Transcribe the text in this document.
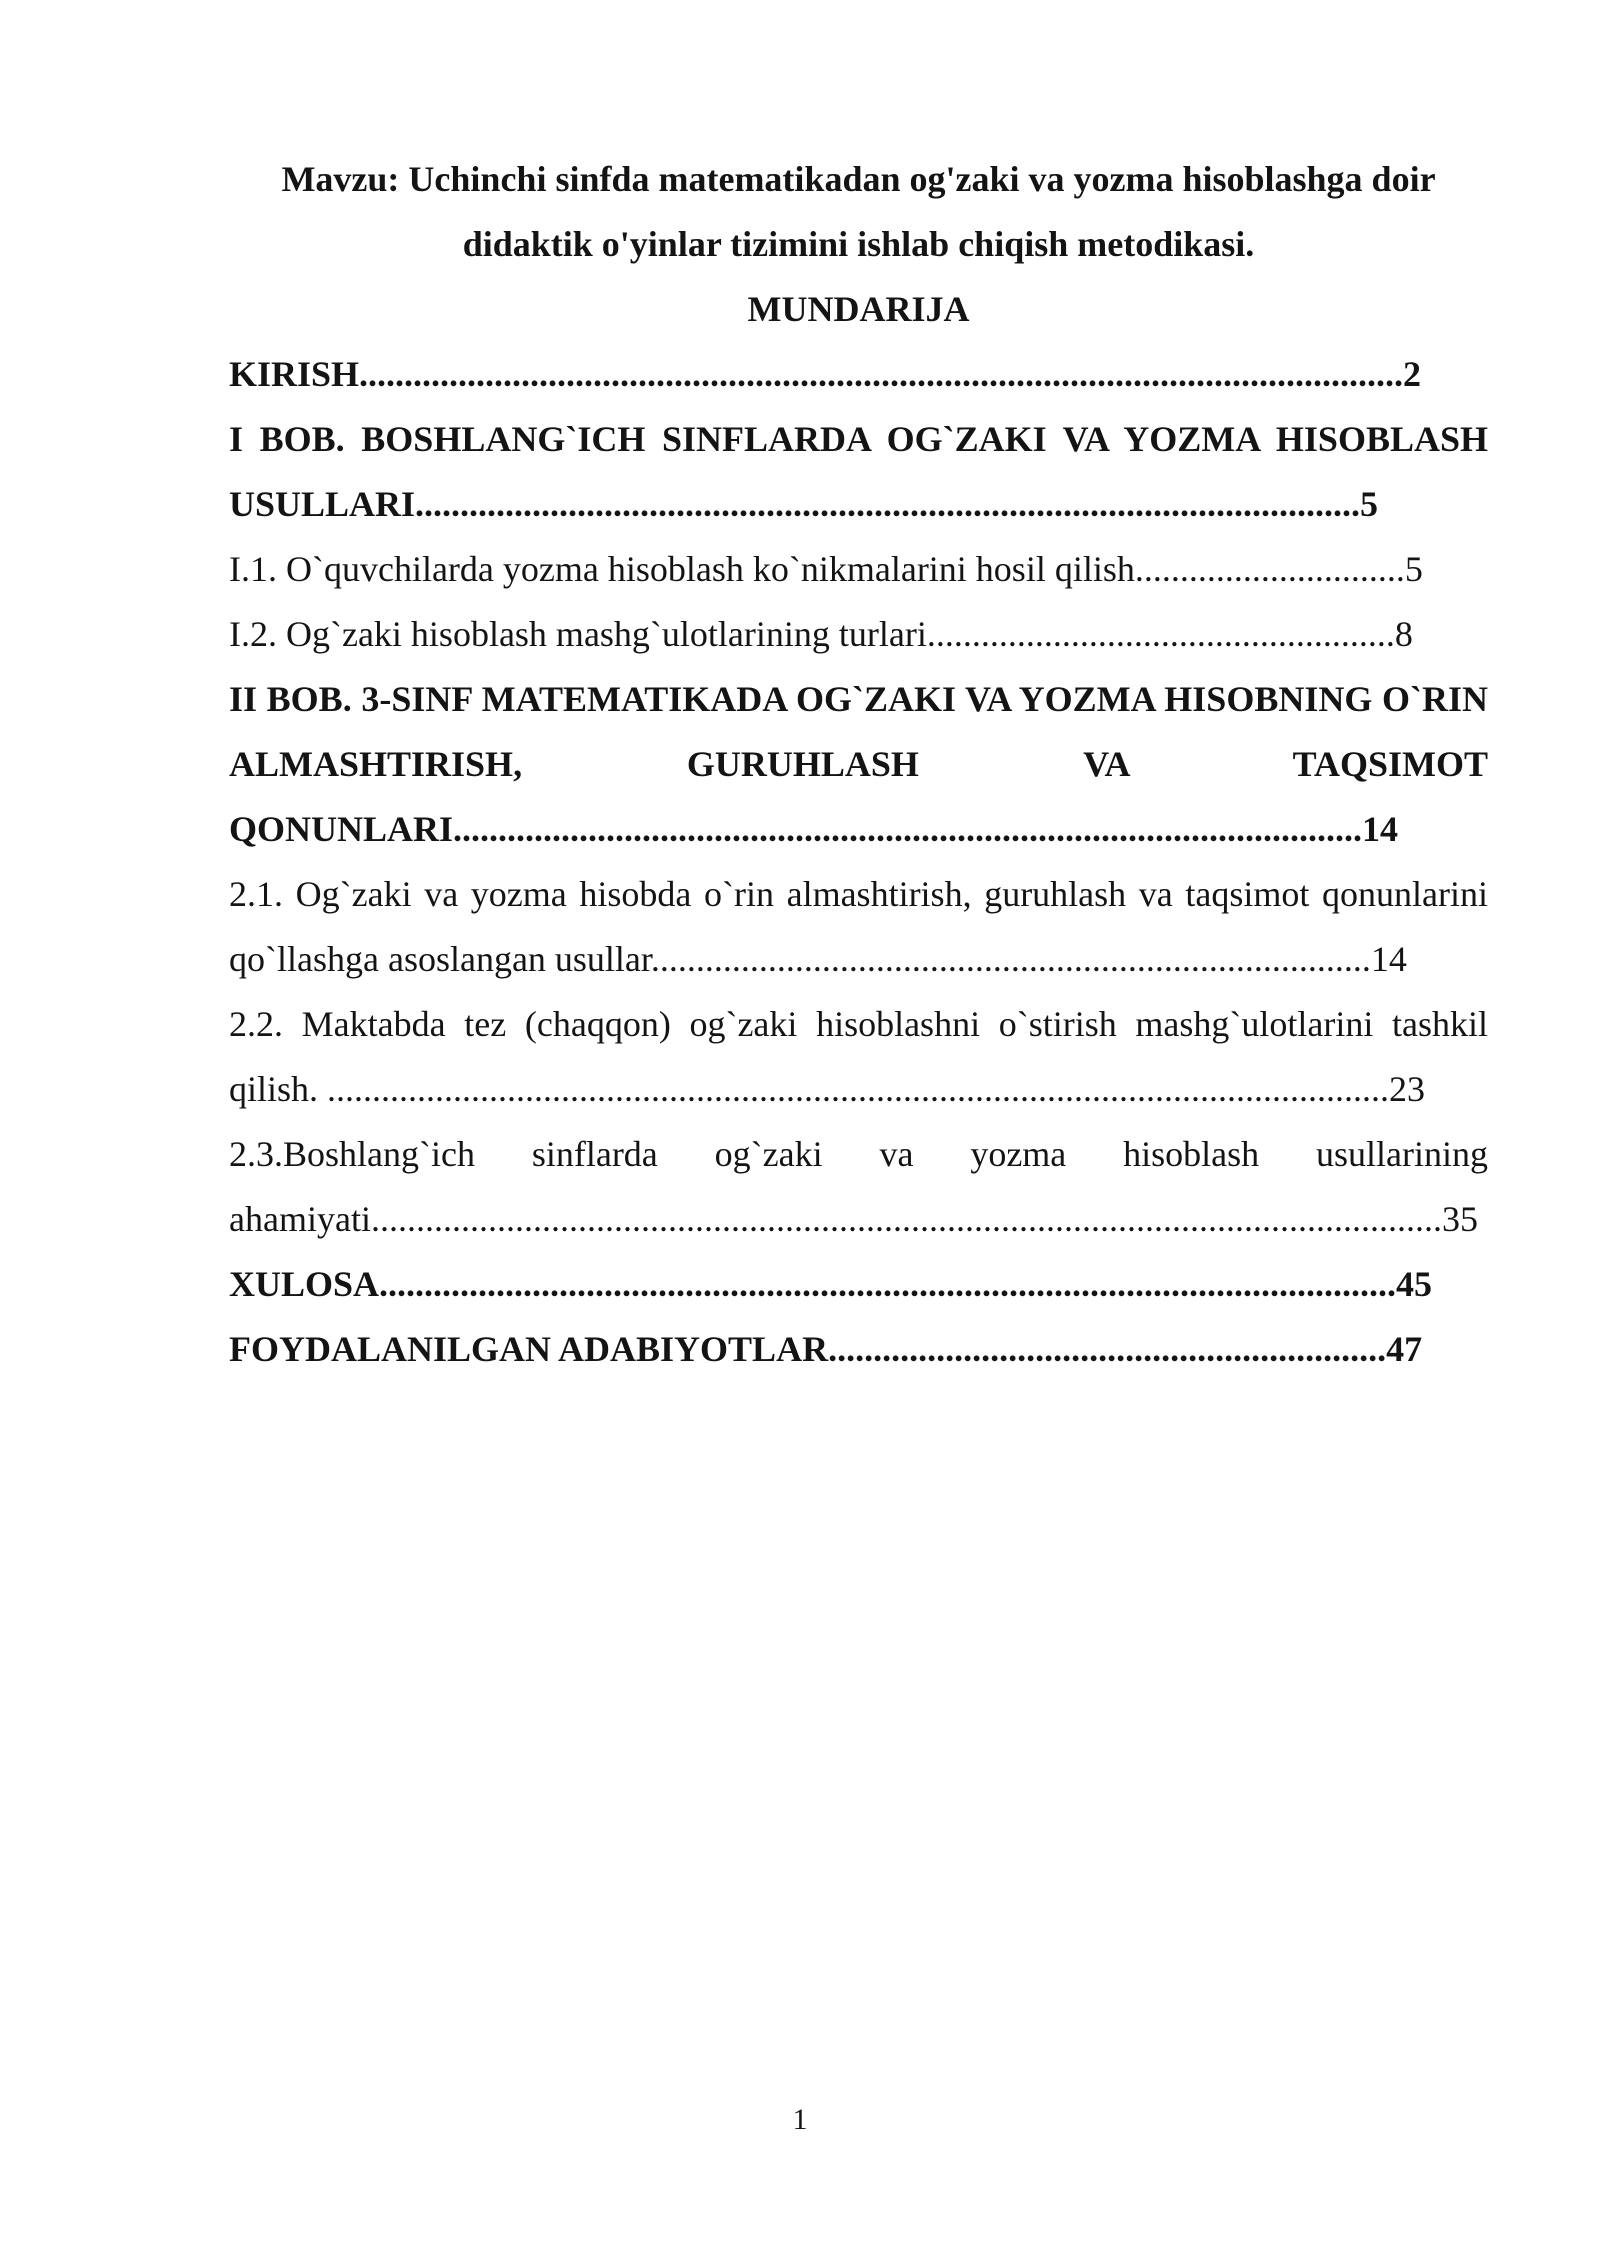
Mavzu: Uchinchi sinfda matematikadan og'zaki va yozma hisoblashga doir didaktik o'yinlar tizimini ishlab chiqish metodikasi.

MUNDARIJA

KIRISH....................................................................................................................2

I BOB. BOSHLANG`ICH SINFLARDA OG`ZAKI VA YOZMA HISOBLASH USULLARI.........................................................................................................5

I.1. O`quvchilarda yozma hisoblash ko`nikmalarini hosil qilish..............................5

I.2. Og`zaki hisoblash mashg`ulotlarining turlari....................................................8

II BOB. 3-SINF MATEMATIKADA OG`ZAKI VA YOZMA HISOBNING O`RIN ALMASHTIRISH, GURUHLASH VA TAQSIMOT QONUNLARI.....................................................................................................14

2.1. Og`zaki va yozma hisobda o`rin almashtirish, guruhlash va taqsimot qonunlarini qo`llashga asoslangan usullar................................................................................14

2.2. Maktabda tez (chaqqon) og`zaki hisoblashni o`stirish mashg`ulotlarini tashkil qilish. ......................................................................................................................23

2.3.Boshlang`ich sinflarda og`zaki va yozma hisoblash usullarining ahamiyati.......................................................................................................................35

XULOSA.................................................................................................................45

FOYDALANILGAN ADABIYOTLAR..............................................................47

1
